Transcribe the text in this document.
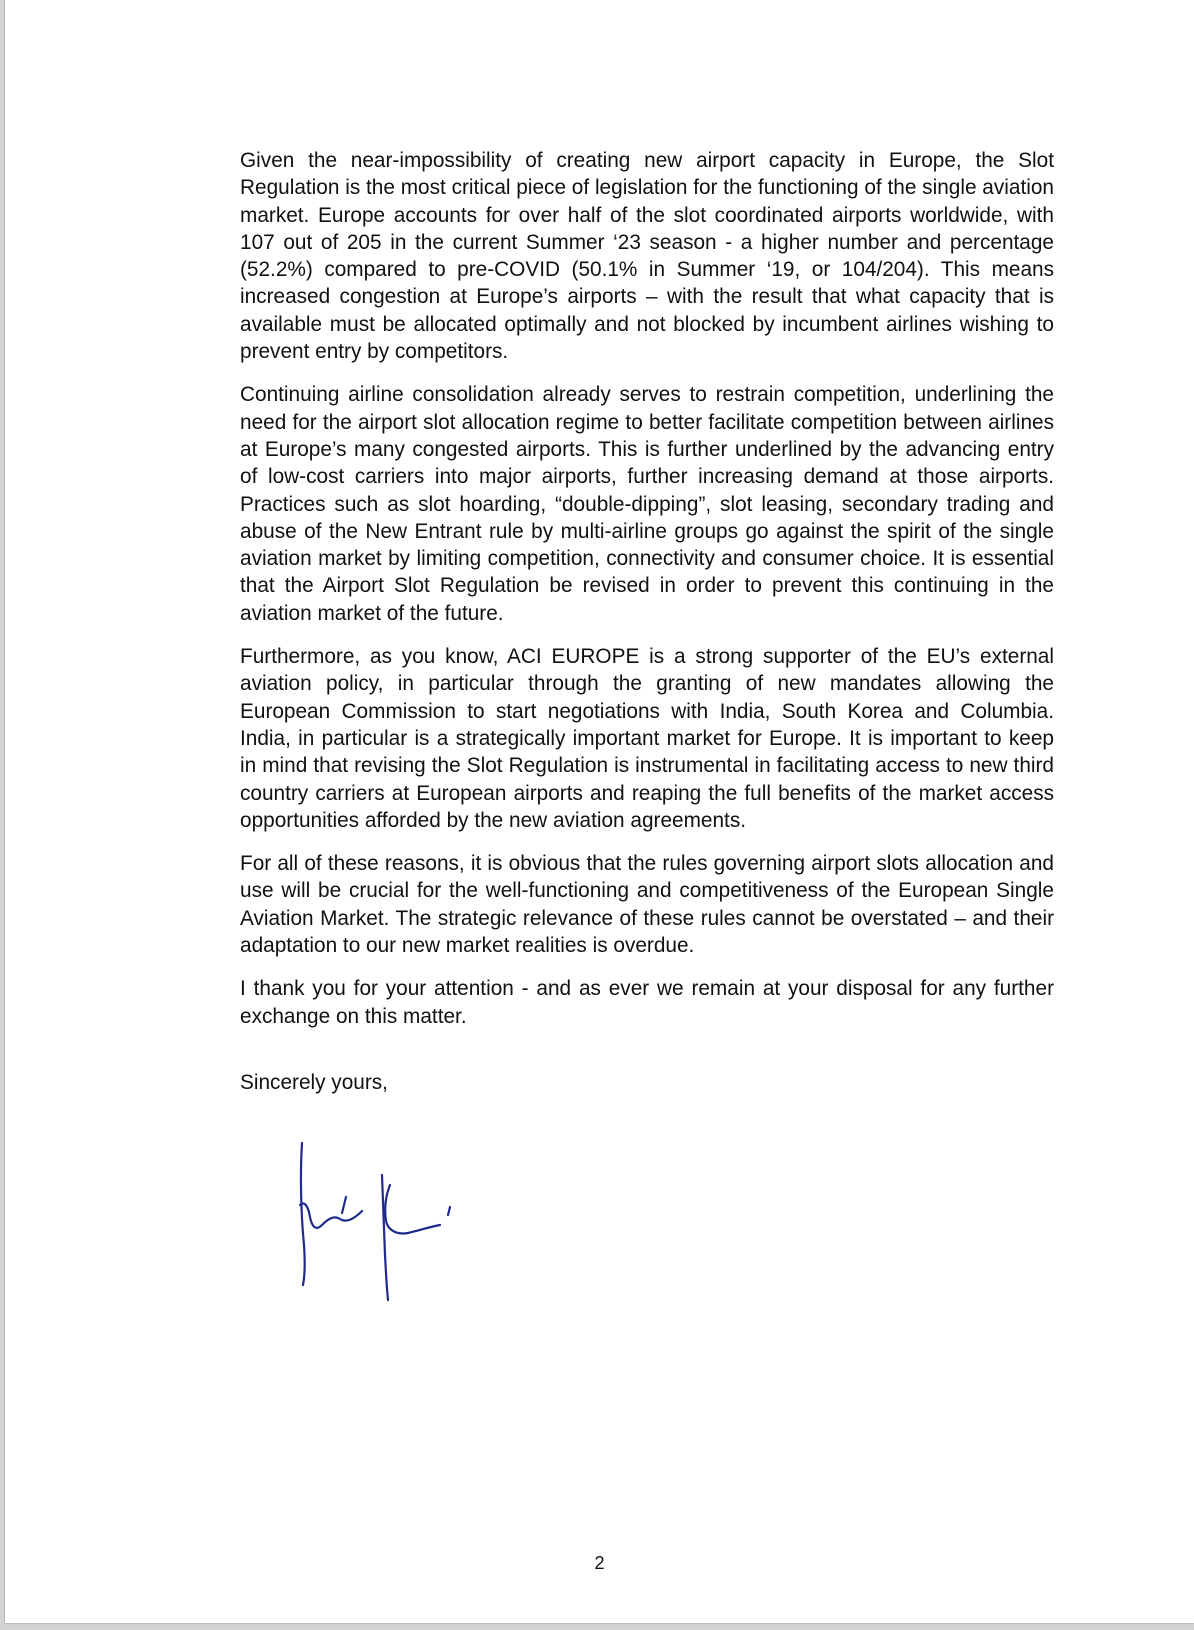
Given the near-impossibility of creating new airport capacity in Europe, the Slot Regulation is the most critical piece of legislation for the functioning of the single aviation market. Europe accounts for over half of the slot coordinated airports worldwide, with 107 out of 205 in the current Summer ‘23 season - a higher number and percentage (52.2%) compared to pre-COVID (50.1% in Summer ‘19, or 104/204). This means increased congestion at Europe’s airports – with the result that what capacity that is available must be allocated optimally and not blocked by incumbent airlines wishing to prevent entry by competitors.

Continuing airline consolidation already serves to restrain competition, underlining the need for the airport slot allocation regime to better facilitate competition between airlines at Europe’s many congested airports. This is further underlined by the advancing entry of low-cost carriers into major airports, further increasing demand at those airports. Practices such as slot hoarding, “double-dipping”, slot leasing, secondary trading and abuse of the New Entrant rule by multi-airline groups go against the spirit of the single aviation market by limiting competition, connectivity and consumer choice. It is essential that the Airport Slot Regulation be revised in order to prevent this continuing in the aviation market of the future.

Furthermore, as you know, ACI EUROPE is a strong supporter of the EU’s external aviation policy, in particular through the granting of new mandates allowing the European Commission to start negotiations with India, South Korea and Columbia. India, in particular is a strategically important market for Europe. It is important to keep in mind that revising the Slot Regulation is instrumental in facilitating access to new third country carriers at European airports and reaping the full benefits of the market access opportunities afforded by the new aviation agreements.

For all of these reasons, it is obvious that the rules governing airport slots allocation and use will be crucial for the well-functioning and competitiveness of the European Single Aviation Market. The strategic relevance of these rules cannot be overstated – and their adaptation to our new market realities is overdue.

I thank you for your attention - and as ever we remain at your disposal for any further exchange on this matter.

Sincerely yours,

2
